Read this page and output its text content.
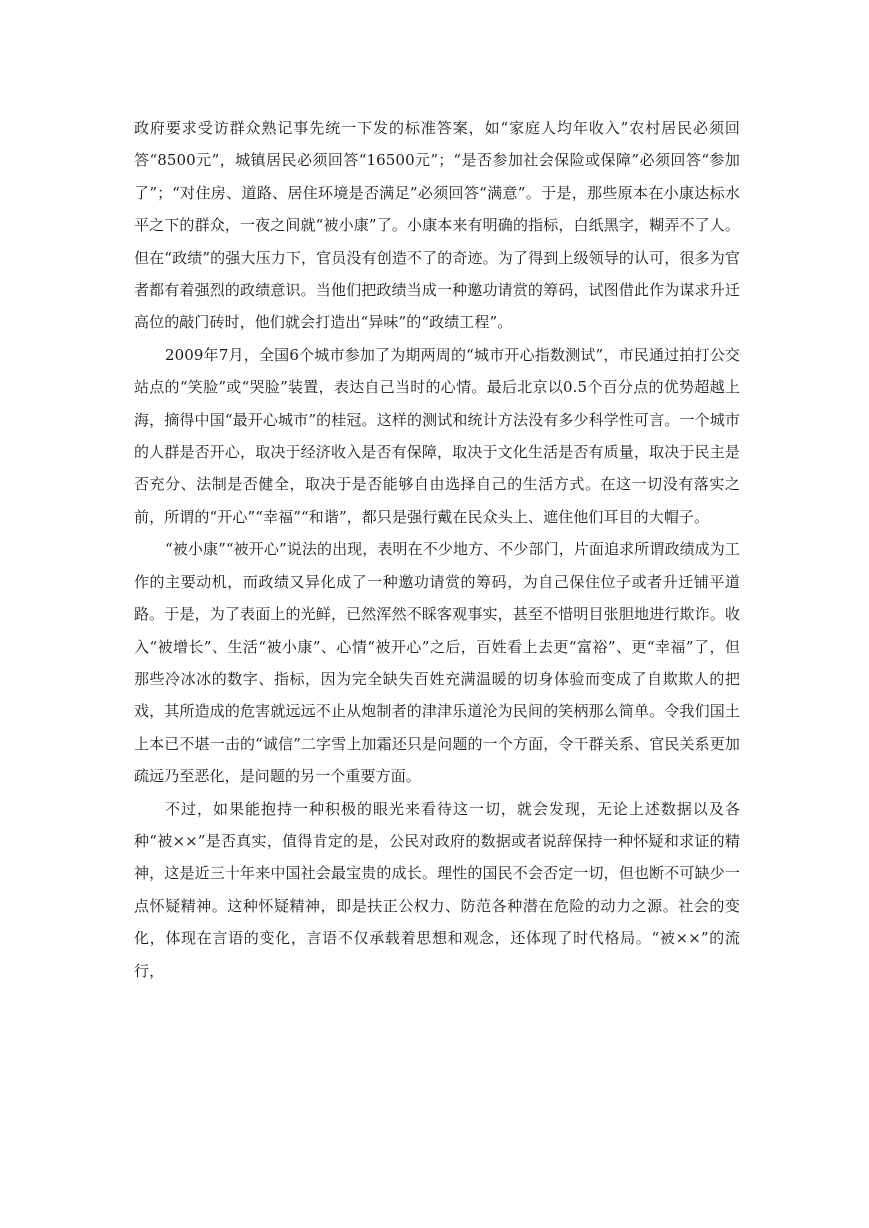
政府要求受访群众熟记事先统一下发的标准答案，如“家庭人均年收入”农村居民必须回答“8500元”，城镇居民必须回答“16500元”；“是否参加社会保险或保障”必须回答“参加了”；“对住房、道路、居住环境是否满足”必须回答“满意”。于是，那些原本在小康达标水平之下的群众，一夜之间就“被小康”了。小康本来有明确的指标，白纸黑字，糊弄不了人。但在“政绩”的强大压力下，官员没有创造不了的奇迹。为了得到上级领导的认可，很多为官者都有着强烈的政绩意识。当他们把政绩当成一种邀功请赏的筹码，试图借此作为谋求升迁高位的敲门砖时，他们就会打造出“异味”的“政绩工程”。

2009年7月，全国6个城市参加了为期两周的“城市开心指数测试”，市民通过拍打公交站点的“笑脸”或“哭脸”装置，表达自己当时的心情。最后北京以0.5个百分点的优势超越上海，摘得中国“最开心城市”的桂冠。这样的测试和统计方法没有多少科学性可言。一个城市的人群是否开心，取决于经济收入是否有保障，取决于文化生活是否有质量，取决于民主是否充分、法制是否健全，取决于是否能够自由选择自己的生活方式。在这一切没有落实之前，所谓的“开心”“幸福”“和谐”，都只是强行戴在民众头上、遮住他们耳目的大帽子。

“被小康”“被开心”说法的出现，表明在不少地方、不少部门，片面追求所谓政绩成为工作的主要动机，而政绩又异化成了一种邀功请赏的筹码，为自己保住位子或者升迁铺平道路。于是，为了表面上的光鲜，已然浑然不睬客观事实，甚至不惜明目张胆地进行欺诈。收入“被增长”、生活“被小康”、心情“被开心”之后，百姓看上去更“富裕”、更“幸福”了，但那些冷冰冰的数字、指标，因为完全缺失百姓充满温暖的切身体验而变成了自欺欺人的把戏，其所造成的危害就远远不止从炮制者的津津乐道沦为民间的笑柄那么简单。令我们国土上本已不堪一击的“诚信”二字雪上加霜还只是问题的一个方面，令干群关系、官民关系更加疏远乃至恶化，是问题的另一个重要方面。

不过，如果能抱持一种积极的眼光来看待这一切，就会发现，无论上述数据以及各种“被××”是否真实，值得肯定的是，公民对政府的数据或者说辞保持一种怀疑和求证的精神，这是近三十年来中国社会最宝贵的成长。理性的国民不会否定一切，但也断不可缺少一点怀疑精神。这种怀疑精神，即是扶正公权力、防范各种潜在危险的动力之源。社会的变化，体现在言语的变化，言语不仅承载着思想和观念，还体现了时代格局。“被××”的流行，
